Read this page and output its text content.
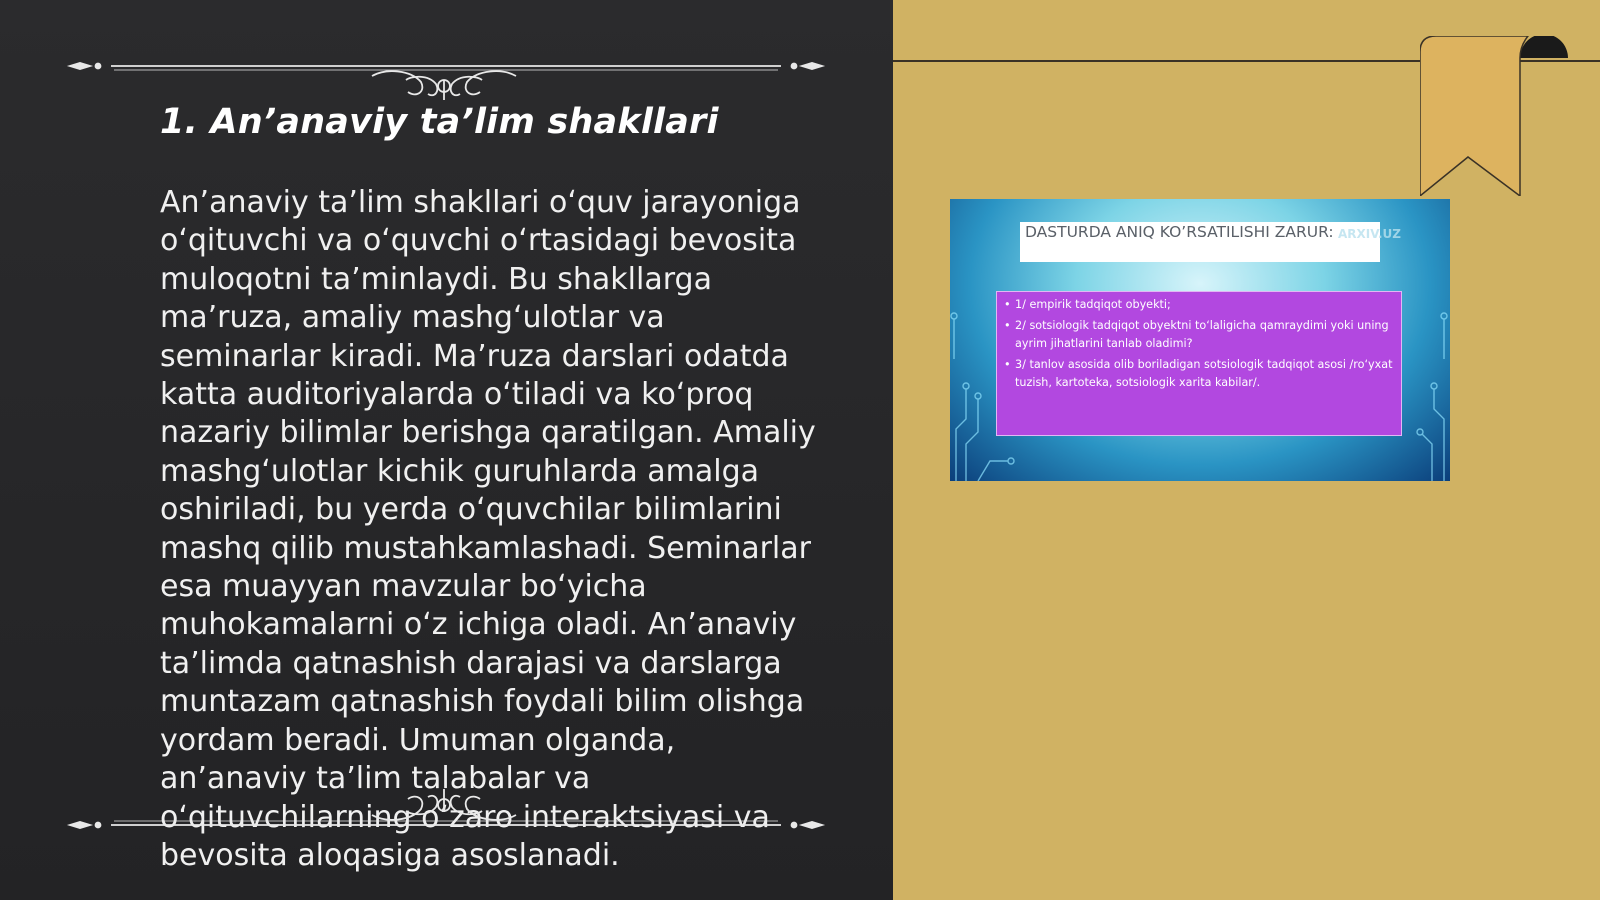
1. An’anaviy ta’lim shakllari
An’anaviy ta’lim shakllari o‘quv jarayoniga o‘qituvchi va o‘quvchi o‘rtasidagi bevosita muloqotni ta’minlaydi. Bu shakllarga ma’ruza, amaliy mashg‘ulotlar va seminarlar kiradi. Ma’ruza darslari odatda katta auditoriyalarda o‘tiladi va ko‘proq nazariy bilimlar berishga qaratilgan. Amaliy mashg‘ulotlar kichik guruhlarda amalga oshiriladi, bu yerda o‘quvchilar bilimlarini mashq qilib mustahkamlashadi. Seminarlar esa muayyan mavzular bo‘yicha muhokamalarni o‘z ichiga oladi. An’anaviy ta’limda qatnashish darajasi va darslarga muntazam qatnashish foydali bilim olishga yordam beradi. Umuman olganda, an’anaviy ta’lim talabalar va o‘qituvchilarning o‘zaro interaktsiyasi va bevosita aloqasiga asoslanadi.
DASTURDA ANIQ KO’RSATILISHI ZARUR: ARXIV.UZ
• 1/ empirik tadqiqot obyekti;
• 2/ sotsiologik tadqiqot obyektni to‘laligicha qamraydimi yoki uning ayrim jihatlarini tanlab oladimi?
• 3/ tanlov asosida olib boriladigan sotsiologik tadqiqot asosi /ro‘yxat tuzish, kartoteka, sotsiologik xarita kabilar/.
